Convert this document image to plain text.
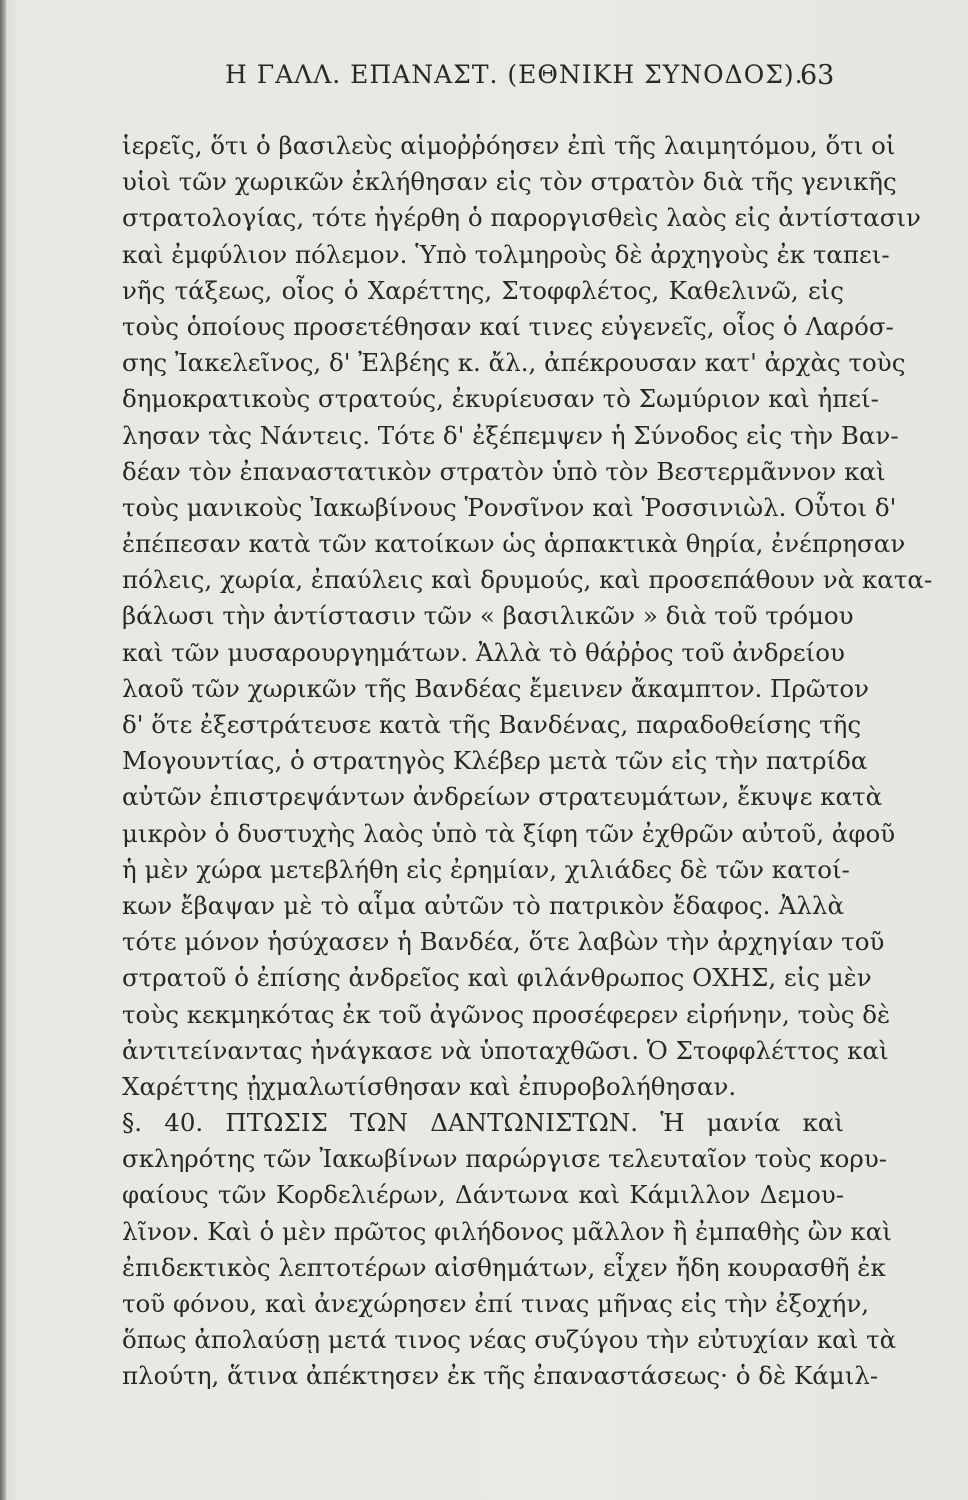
Η ΓΑΛΛ. ΕΠΑΝΑΣΤ. (ΕΘΝΙΚΗ ΣΥΝΟΔΟΣ).
63
ἱερεῖς, ὅτι ὁ βασιλεὺς αἱμοῤῥόησεν ἐπὶ τῆς λαιμητόμου, ὅτι οἱ
υἱοὶ τῶν χωρικῶν ἐκλήθησαν εἰς τὸν στρατὸν διὰ τῆς γενικῆς
στρατολογίας, τότε ἠγέρθη ὁ παροργισθεὶς λαὸς εἰς ἀντίστασιν
καὶ ἐμφύλιον πόλεμον. Ὑπὸ τολμηροὺς δὲ ἀρχηγοὺς ἐκ ταπει-
νῆς τάξεως, οἷος ὁ Χαρέττης, Στοφφλέτος, Καθελινῶ, εἰς
τοὺς ὁποίους προσετέθησαν καί τινες εὐγενεῖς, οἷος ὁ Λαρόσ-
σης Ἰακελεῖνος, δ' Ἐλβέης κ. ἄλ., ἀπέκρουσαν κατ' ἀρχὰς τοὺς
δημοκρατικοὺς στρατούς, ἐκυρίευσαν τὸ Σωμύριον καὶ ἠπεί-
λησαν τὰς Νάντεις. Τότε δ' ἐξέπεμψεν ἡ Σύνοδος εἰς τὴν Βαν-
δέαν τὸν ἐπαναστατικὸν στρατὸν ὑπὸ τὸν Βεστερμᾶννον καὶ
τοὺς μανικοὺς Ἰακωβίνους Ῥονσῖνον καὶ Ῥοσσινιὼλ. Οὗτοι δ'
ἐπέπεσαν κατὰ τῶν κατοίκων ὡς ἁρπακτικὰ θηρία, ἐνέπρησαν
πόλεις, χωρία, ἐπαύλεις καὶ δρυμούς, καὶ προσεπάθουν νὰ κατα-
βάλωσι τὴν ἀντίστασιν τῶν « βασιλικῶν » διὰ τοῦ τρόμου
καὶ τῶν μυσαρουργημάτων. Ἀλλὰ τὸ θάῤῥος τοῦ ἀνδρείου
λαοῦ τῶν χωρικῶν τῆς Βανδέας ἔμεινεν ἄκαμπτον. Πρῶτον
δ' ὅτε ἐξεστράτευσε κατὰ τῆς Βανδένας, παραδοθείσης τῆς
Μογουντίας, ὁ στρατηγὸς Κλέβερ μετὰ τῶν εἰς τὴν πατρίδα
αὐτῶν ἐπιστρεψάντων ἀνδρείων στρατευμάτων, ἔκυψε κατὰ
μικρὸν ὁ δυστυχὴς λαὸς ὑπὸ τὰ ξίφη τῶν ἐχθρῶν αὐτοῦ, ἀφοῦ
ἡ μὲν χώρα μετεβλήθη εἰς ἐρημίαν, χιλιάδες δὲ τῶν κατοί-
κων ἔβαψαν μὲ τὸ αἷμα αὐτῶν τὸ πατρικὸν ἔδαφος. Ἀλλὰ
τότε μόνον ἡσύχασεν ἡ Βανδέα, ὅτε λαβὼν τὴν ἀρχηγίαν τοῦ
στρατοῦ ὁ ἐπίσης ἀνδρεῖος καὶ φιλάνθρωπος ΟΧΗΣ, εἰς μὲν
τοὺς κεκμηκότας ἐκ τοῦ ἀγῶνος προσέφερεν εἰρήνην, τοὺς δὲ
ἀντιτείναντας ἠνάγκασε νὰ ὑποταχθῶσι. Ὁ Στοφφλέττος καὶ
Χαρέττης ᾐχμαλωτίσθησαν καὶ ἐπυροβολήθησαν.
§. 40. ΠΤΩΣΙΣ ΤΩΝ ΔΑΝΤΩΝΙΣΤΩΝ. Ἡ μανία καὶ
σκληρότης τῶν Ἰακωβίνων παρώργισε τελευταῖον τοὺς κορυ-
φαίους τῶν Κορδελιέρων, Δάντωνα καὶ Κάμιλλον Δεμου-
λῖνον. Καὶ ὁ μὲν πρῶτος φιλήδονος μᾶλλον ἢ ἐμπαθὴς ὢν καὶ
ἐπιδεκτικὸς λεπτοτέρων αἰσθημάτων, εἶχεν ἤδη κουρασθῆ ἐκ
τοῦ φόνου, καὶ ἀνεχώρησεν ἐπί τινας μῆνας εἰς τὴν ἐξοχήν,
ὅπως ἀπολαύσῃ μετά τινος νέας συζύγου τὴν εὐτυχίαν καὶ τὰ
πλούτη, ἅτινα ἀπέκτησεν ἐκ τῆς ἐπαναστάσεως· ὁ δὲ Κάμιλ-
